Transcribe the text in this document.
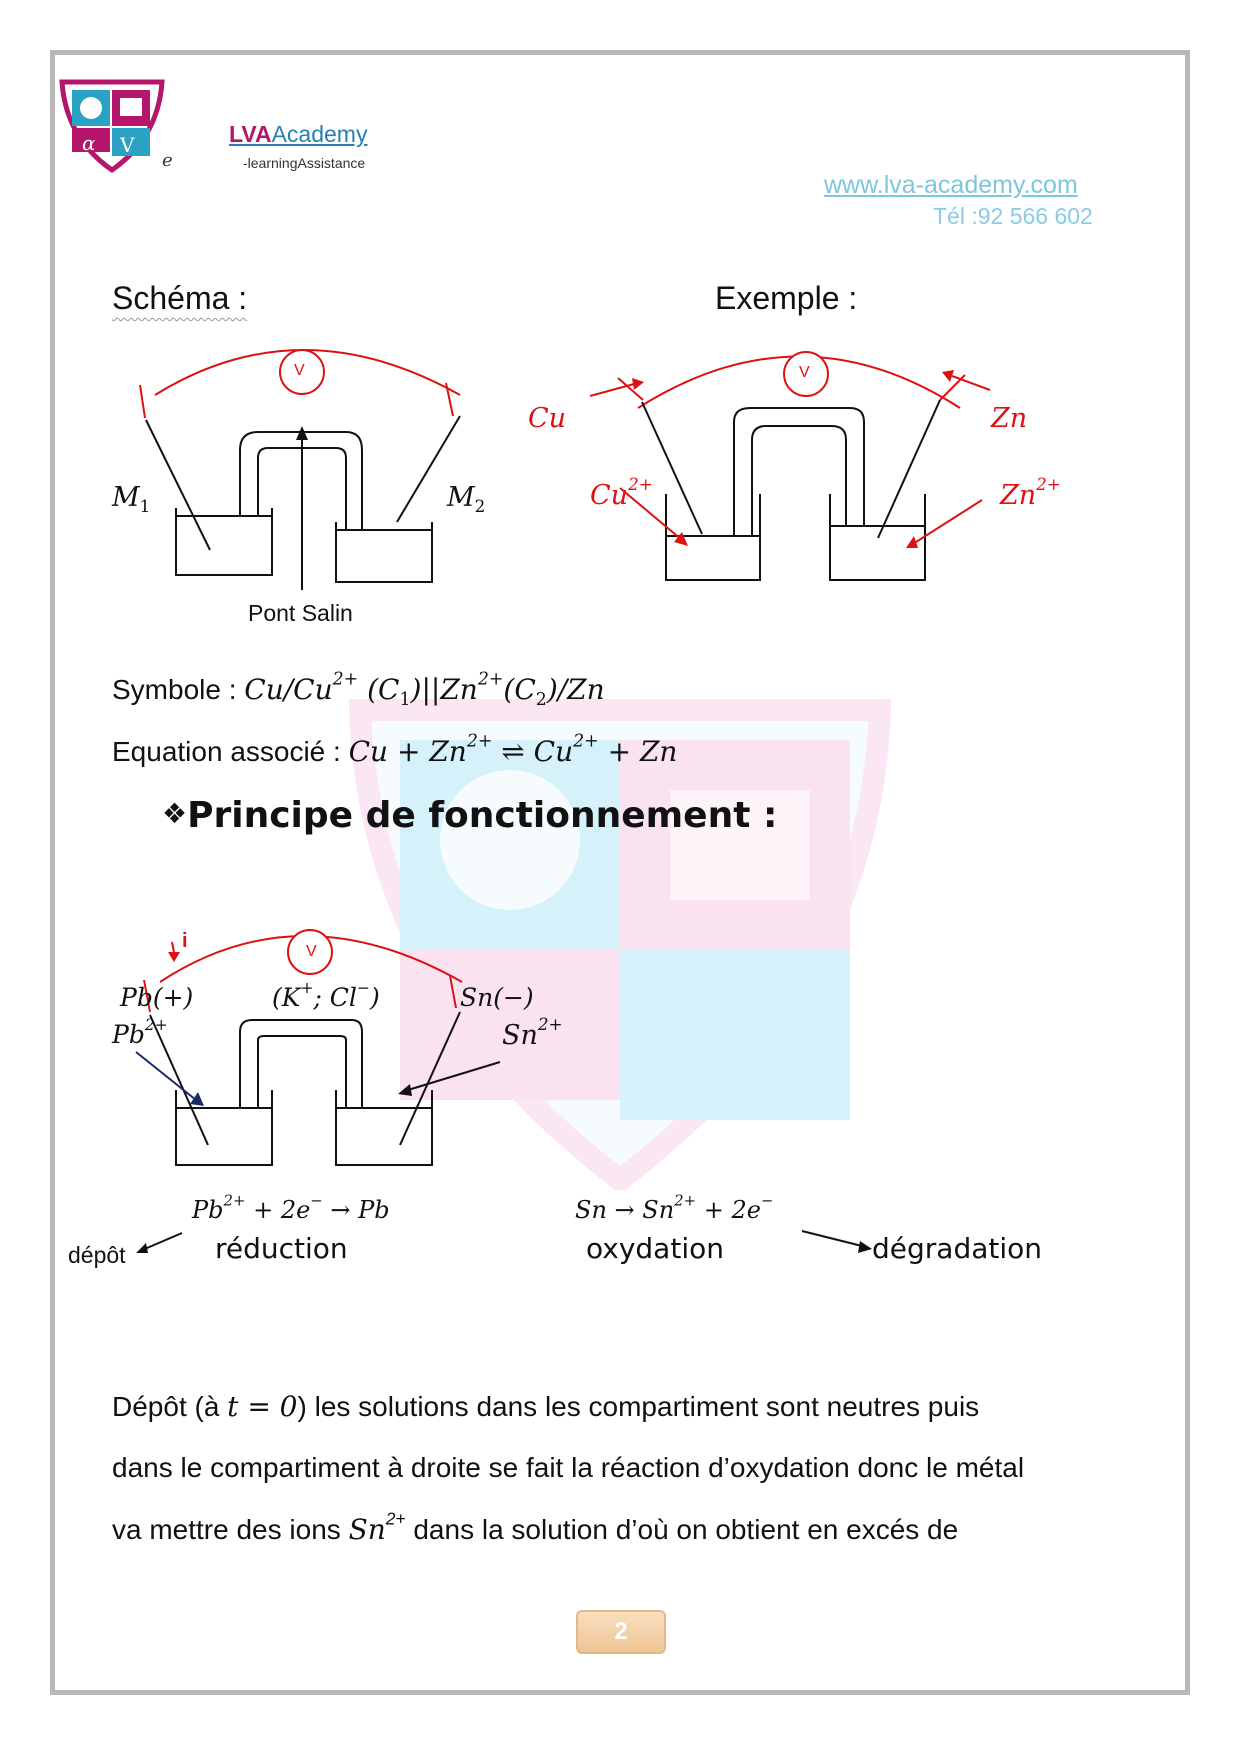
α V
e
LVAAcademy
-learningAssistance
www.lva-academy.com
Tél :92 566 602
Schéma :	Exemple :
V
$M_1$	$M_2$
Pont Salin
V
Cu	Zn
$Cu^{2+}$	$Zn^{2+}$
Symbole : $Cu/Cu^{2+}$ $(C_1)||Zn^{2+}(C_2)/Zn$
Equation associé : $Cu + Zn^{2+}$ ⇌ $Cu^{2+} + Zn$
❖Principe de fonctionnement :
V
i
Pb(+)
$Pb^{2+}$
(K+; Cl−)	Sn(−)
$Sn^{2+}$
$Pb^{2+} + 2e^- \to Pb$
réduction
dépôt
$Sn \to Sn^{2+} + 2e^-$
oxydation	dégradation
Dépôt (à t = 0) les solutions dans les compartiment sont neutres puis
dans le compartiment à droite se fait la réaction d’oxydation donc le métal
va mettre des ions $Sn^{2+}$ dans la solution d’où on obtient en excés de
2
